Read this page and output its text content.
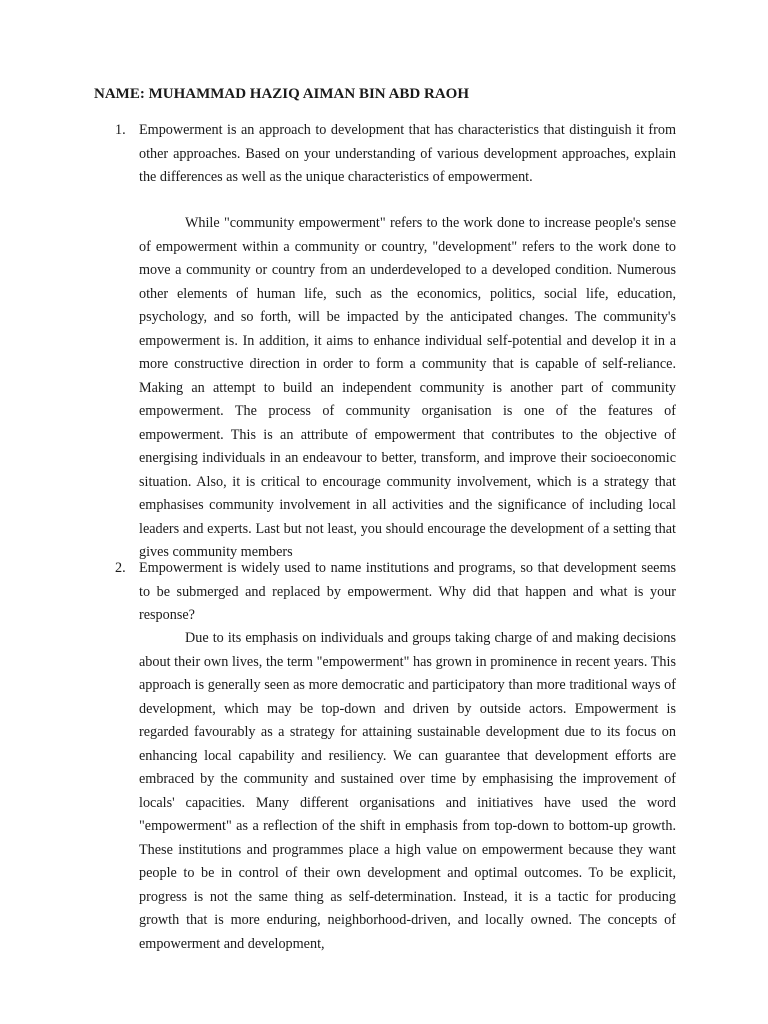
NAME: MUHAMMAD HAZIQ AIMAN BIN ABD RAOH
1. Empowerment is an approach to development that has characteristics that distinguish it from other approaches. Based on your understanding of various development approaches, explain the differences as well as the unique characteristics of empowerment.
While "community empowerment" refers to the work done to increase people's sense of empowerment within a community or country, "development" refers to the work done to move a community or country from an underdeveloped to a developed condition. Numerous other elements of human life, such as the economics, politics, social life, education, psychology, and so forth, will be impacted by the anticipated changes. The community's empowerment is. In addition, it aims to enhance individual self-potential and develop it in a more constructive direction in order to form a community that is capable of self-reliance. Making an attempt to build an independent community is another part of community empowerment. The process of community organisation is one of the features of empowerment. This is an attribute of empowerment that contributes to the objective of energising individuals in an endeavour to better, transform, and improve their socioeconomic situation. Also, it is critical to encourage community involvement, which is a strategy that emphasises community involvement in all activities and the significance of including local leaders and experts. Last but not least, you should encourage the development of a setting that gives community members
2. Empowerment is widely used to name institutions and programs, so that development seems to be submerged and replaced by empowerment. Why did that happen and what is your response?
Due to its emphasis on individuals and groups taking charge of and making decisions about their own lives, the term "empowerment" has grown in prominence in recent years. This approach is generally seen as more democratic and participatory than more traditional ways of development, which may be top-down and driven by outside actors. Empowerment is regarded favourably as a strategy for attaining sustainable development due to its focus on enhancing local capability and resiliency. We can guarantee that development efforts are embraced by the community and sustained over time by emphasising the improvement of locals' capacities. Many different organisations and initiatives have used the word "empowerment" as a reflection of the shift in emphasis from top-down to bottom-up growth. These institutions and programmes place a high value on empowerment because they want people to be in control of their own development and optimal outcomes. To be explicit, progress is not the same thing as self-determination. Instead, it is a tactic for producing growth that is more enduring, neighborhood-driven, and locally owned. The concepts of empowerment and development,
